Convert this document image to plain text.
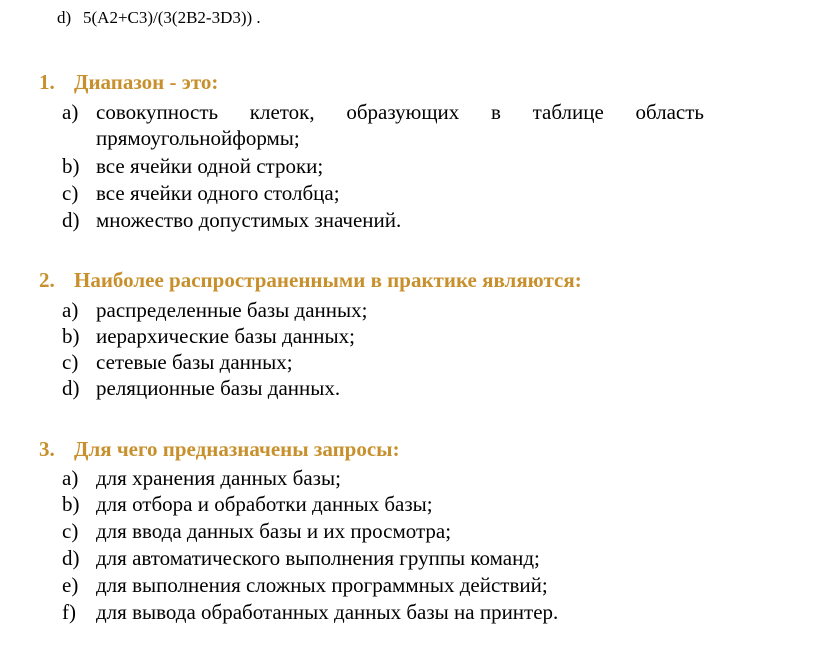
d) 5(A2+C3)/(3(2B2-3D3)) .
1. Диапазон - это:
a) совокупность клеток, образующих в таблице область
прямоугольнойформы;
b) все ячейки одной строки;
c) все ячейки одного столбца;
d) множество допустимых значений.
2. Наиболее распространенными в практике являются:
a) распределенные базы данных;
b) иерархические базы данных;
c) сетевые базы данных;
d) реляционные базы данных.
3. Для чего предназначены запросы:
a) для хранения данных базы;
b) для отбора и обработки данных базы;
c) для ввода данных базы и их просмотра;
d) для автоматического выполнения группы команд;
e) для выполнения сложных программных действий;
f) для вывода обработанных данных базы на принтер.
